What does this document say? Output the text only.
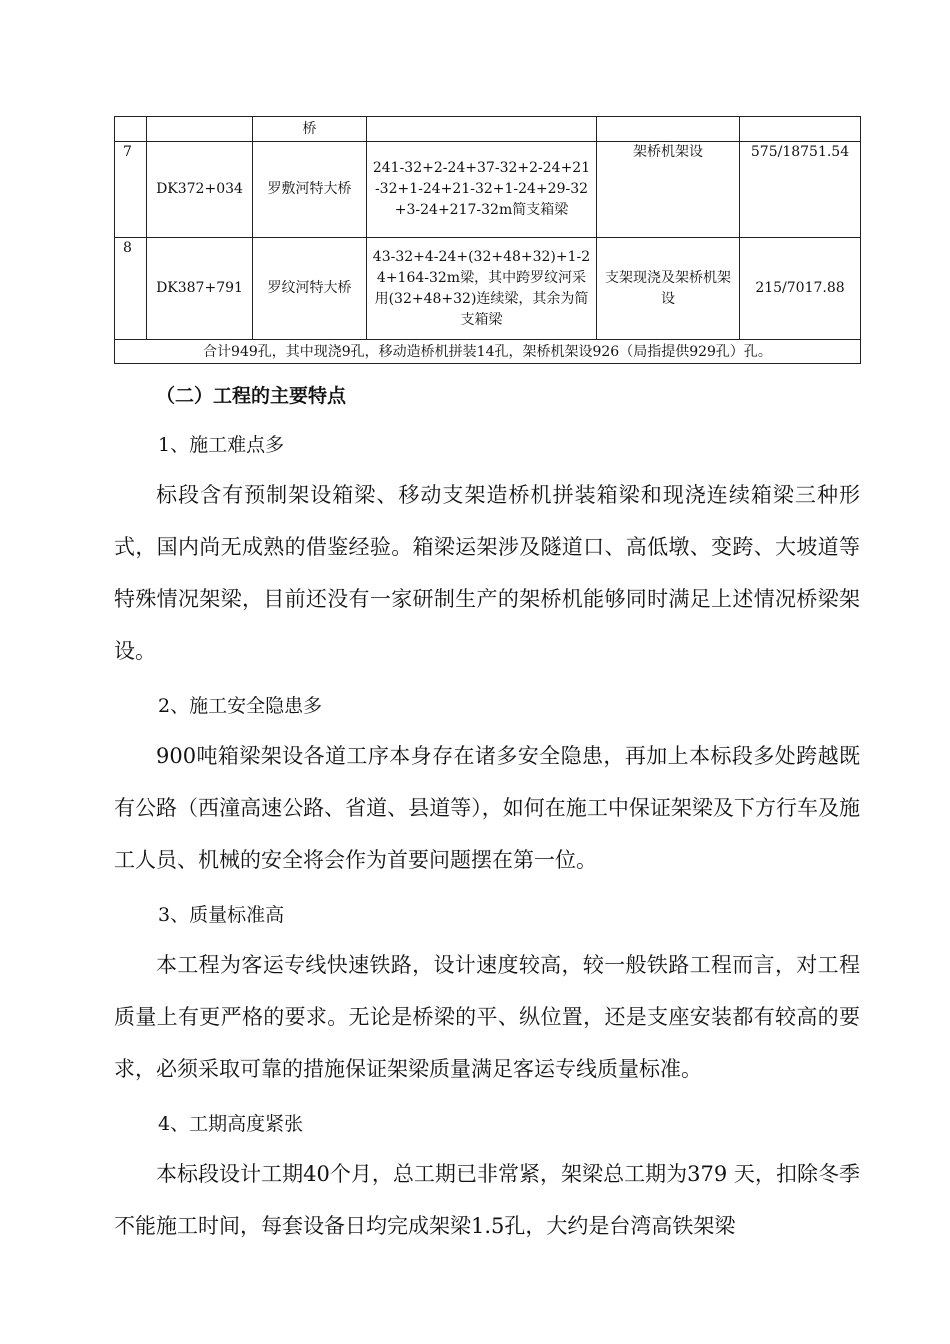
		桥			
7	DK372+034	罗敷河特大桥	241-32+2-24+37-32+2-24+21-32+1-24+21-32+1-24+29-32+3-24+217-32m简支箱梁	架桥机架设	575/18751.54
8	DK387+791	罗纹河特大桥	43-32+4-24+(32+48+32)+1-24+164-32m梁，其中跨罗纹河采用(32+48+32)连续梁，其余为简支箱梁	支架现浇及架桥机架设	215/7017.88
合计949孔，其中现浇9孔，移动造桥机拼装14孔，架桥机架设926（局指提供929孔）孔。					
（二）工程的主要特点
1、施工难点多

标段含有预制架设箱梁、移动支架造桥机拼装箱梁和现浇连续箱梁三种形式，国内尚无成熟的借鉴经验。箱梁运架涉及隧道口、高低墩、变跨、大坡道等特殊情况架梁，目前还没有一家研制生产的架桥机能够同时满足上述情况桥梁架设。

2、施工安全隐患多

900吨箱梁架设各道工序本身存在诸多安全隐患，再加上本标段多处跨越既有公路（西潼高速公路、省道、县道等），如何在施工中保证架梁及下方行车及施工人员、机械的安全将会作为首要问题摆在第一位。

3、质量标准高

本工程为客运专线快速铁路，设计速度较高，较一般铁路工程而言，对工程质量上有更严格的要求。无论是桥梁的平、纵位置，还是支座安装都有较高的要求，必须采取可靠的措施保证架梁质量满足客运专线质量标准。

4、工期高度紧张

本标段设计工期40个月，总工期已非常紧，架梁总工期为379 天，扣除冬季不能施工时间，每套设备日均完成架梁1.5孔，大约是台湾高铁架梁
